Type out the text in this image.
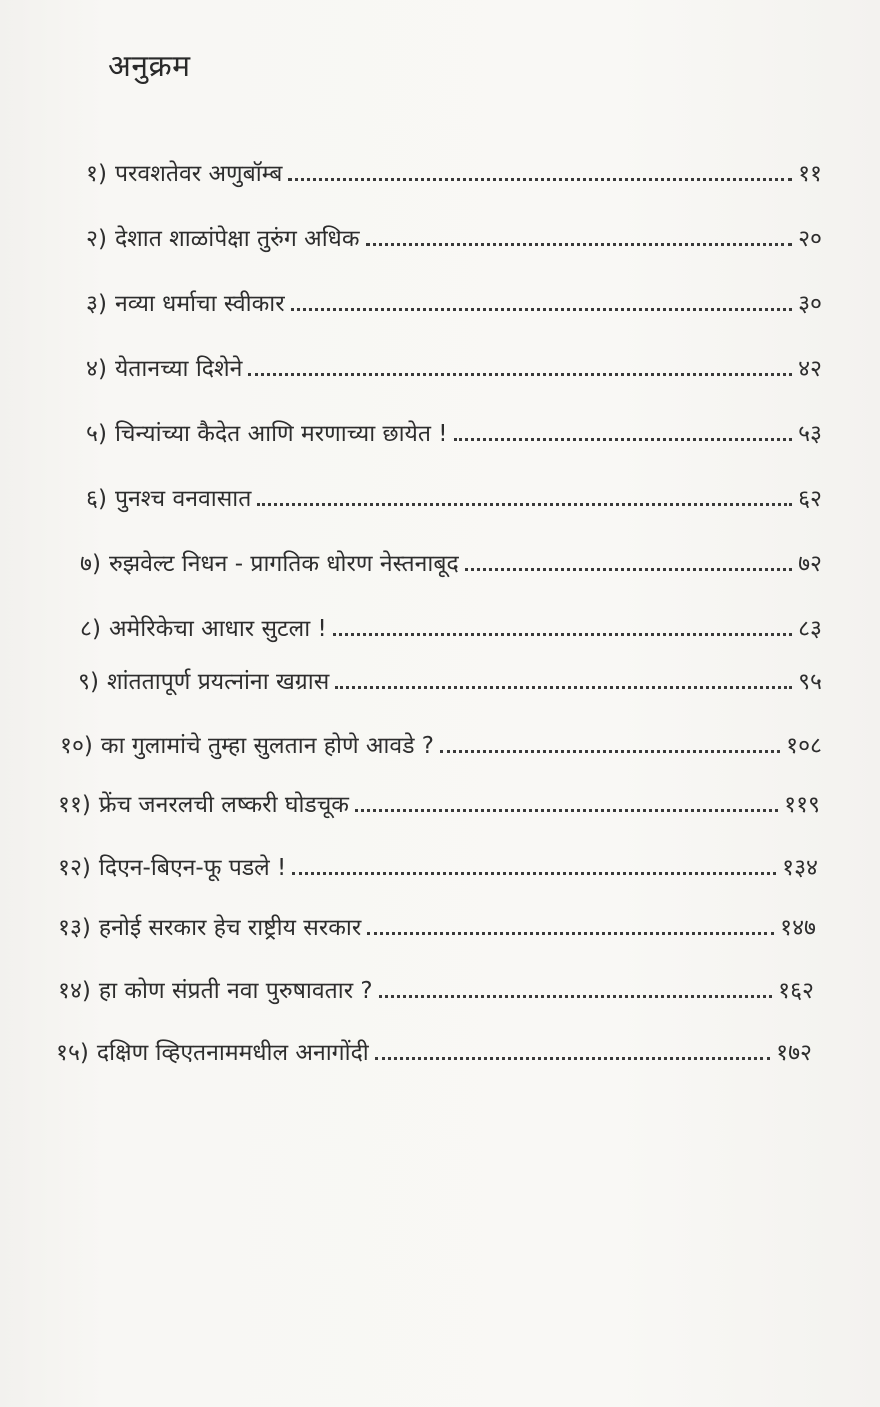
अनुक्रम
१) परवशतेवर अणुबॉम्ब	११
२) देशात शाळांपेक्षा तुरुंग अधिक	२०
३) नव्या धर्माचा स्वीकार	३०
४) येतानच्या दिशेने	४२
५) चिन्यांच्या कैदेत आणि मरणाच्या छायेत !	५३
६) पुनश्च वनवासात	६२
७) रुझवेल्ट निधन - प्रागतिक धोरण नेस्तनाबूद	७२
८) अमेरिकेचा आधार सुटला !	८३
९) शांततापूर्ण प्रयत्नांना खग्रास	९५
१०) का गुलामांचे तुम्हा सुलतान होणे आवडे ?	१०८
११) फ्रेंच जनरलची लष्करी घोडचूक	११९
१२) दिएन-बिएन-फू पडले !	१३४
१३) हनोई सरकार हेच राष्ट्रीय सरकार	१४७
१४) हा कोण संप्रती नवा पुरुषावतार ?	१६२
१५) दक्षिण व्हिएतनाममधील अनागोंदी	१७२
